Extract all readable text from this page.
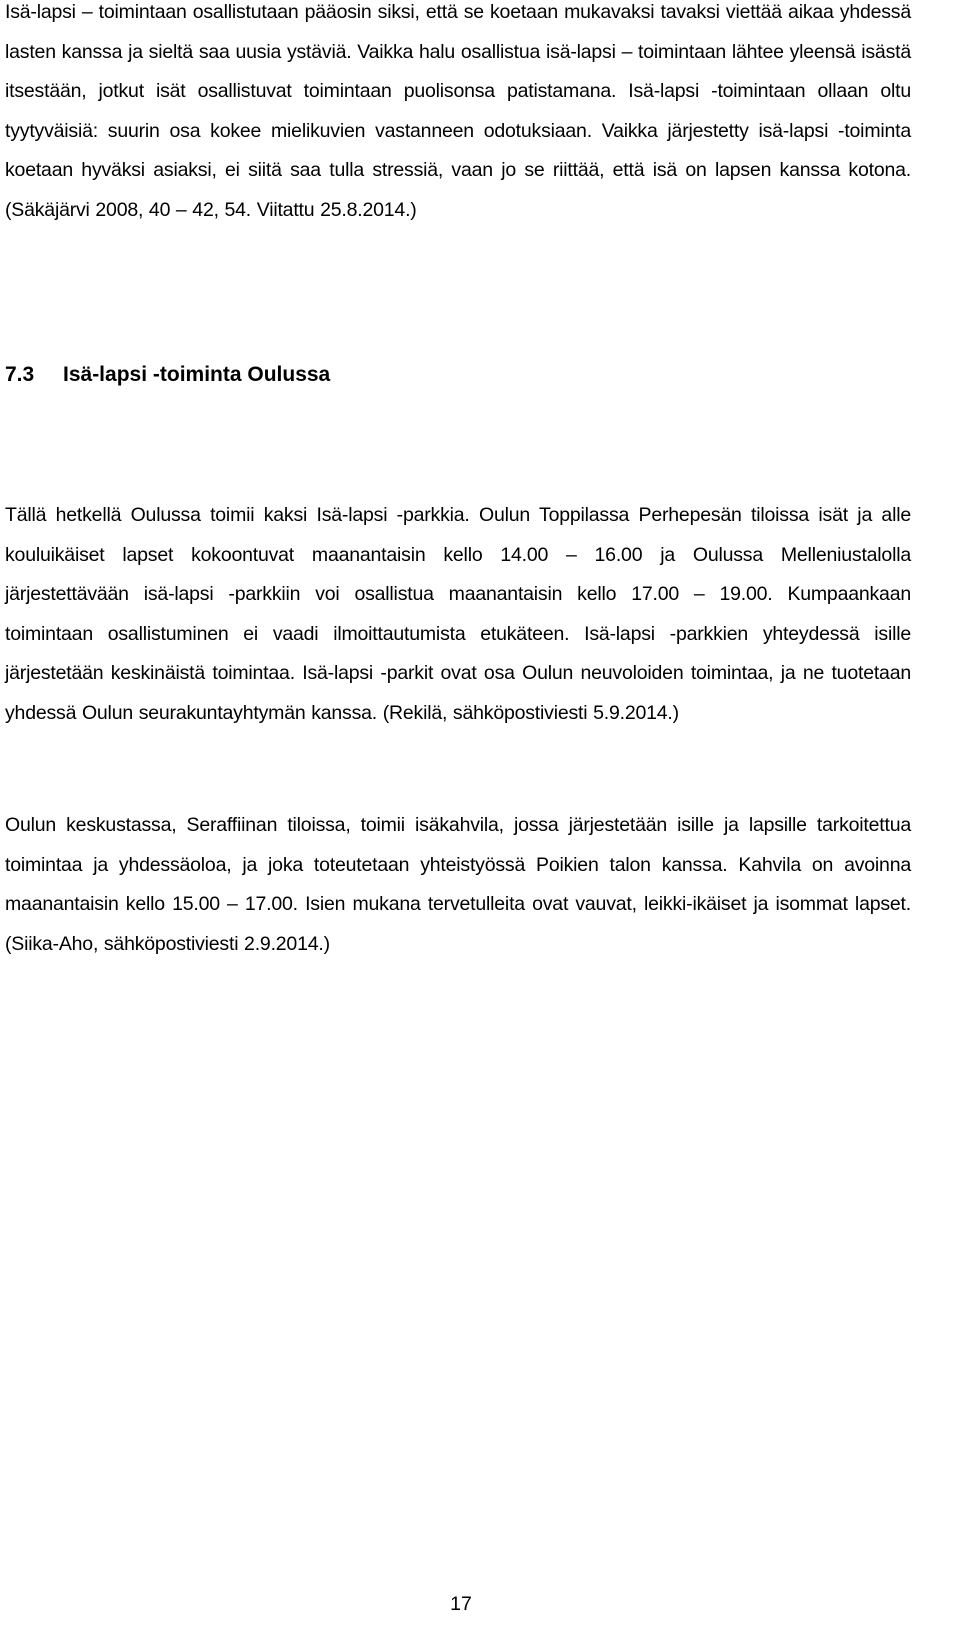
Isä-lapsi – toimintaan osallistutaan pääosin siksi, että se koetaan mukavaksi tavaksi viettää aikaa yhdessä lasten kanssa ja sieltä saa uusia ystäviä. Vaikka halu osallistua isä-lapsi – toimintaan lähtee yleensä isästä itsestään, jotkut isät osallistuvat toimintaan puolisonsa patistamana. Isä-lapsi -toimintaan ollaan oltu tyytyväisiä: suurin osa kokee mielikuvien vastanneen odotuksiaan. Vaikka järjestetty isä-lapsi -toiminta koetaan hyväksi asiaksi, ei siitä saa tulla stressiä, vaan jo se riittää, että isä on lapsen kanssa kotona. (Säkäjärvi 2008, 40 – 42, 54. Viitattu 25.8.2014.)

7.3 Isä-lapsi -toiminta Oulussa

Tällä hetkellä Oulussa toimii kaksi Isä-lapsi -parkkia. Oulun Toppilassa Perhepesän tiloissa isät ja alle kouluikäiset lapset kokoontuvat maanantaisin kello 14.00 – 16.00 ja Oulussa Melleniustalolla järjestettävään isä-lapsi -parkkiin voi osallistua maanantaisin kello 17.00 – 19.00. Kumpaankaan toimintaan osallistuminen ei vaadi ilmoittautumista etukäteen. Isä-lapsi -parkkien yhteydessä isille järjestetään keskinäistä toimintaa. Isä-lapsi -parkit ovat osa Oulun neuvoloiden toimintaa, ja ne tuotetaan yhdessä Oulun seurakuntayhtymän kanssa. (Rekilä, sähköpostiviesti 5.9.2014.)

Oulun keskustassa, Seraffiinan tiloissa, toimii isäkahvila, jossa järjestetään isille ja lapsille tarkoitettua toimintaa ja yhdessäoloa, ja joka toteutetaan yhteistyössä Poikien talon kanssa. Kahvila on avoinna maanantaisin kello 15.00 – 17.00. Isien mukana tervetulleita ovat vauvat, leikki-ikäiset ja isommat lapset. (Siika-Aho, sähköpostiviesti 2.9.2014.)

17
